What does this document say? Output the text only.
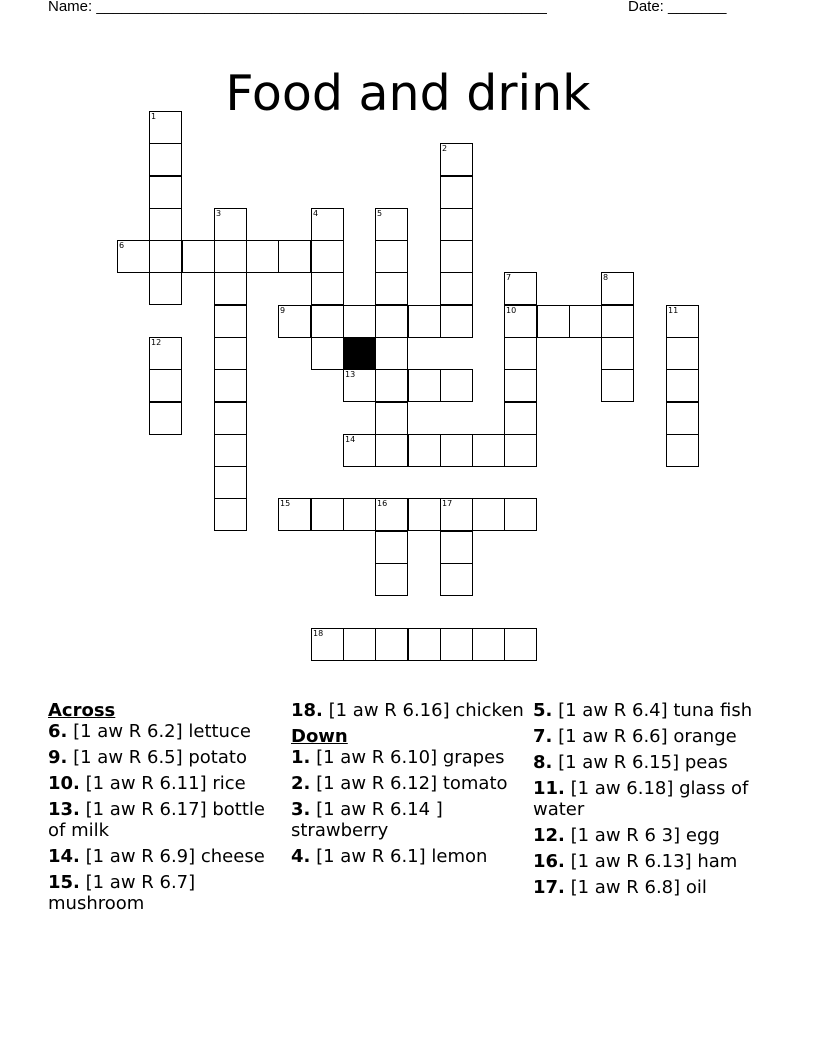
Name: ______________________________________________________	Date: _______
Food and drink
1
2
3	4	5
6
7	8
9	10	11
12
13
14
15	16	17
18

Across

6. [1 aw R 6.2] lettuce

9. [1 aw R 6.5] potato

10. [1 aw R 6.11] rice

13. [1 aw R 6.17] bottle of milk

14. [1 aw R 6.9] cheese

15. [1 aw R 6.7] mushroom

18. [1 aw R 6.16] chicken

Down

1. [1 aw R 6.10] grapes

2. [1 aw R 6.12] tomato

3. [1 aw R 6.14 ] strawberry

4. [1 aw R 6.1] lemon

5. [1 aw R 6.4] tuna fish

7. [1 aw R 6.6] orange

8. [1 aw R 6.15] peas

11. [1 aw 6.18] glass of water

12. [1 aw R 6 3] egg

16. [1 aw R 6.13] ham

17. [1 aw R 6.8] oil
